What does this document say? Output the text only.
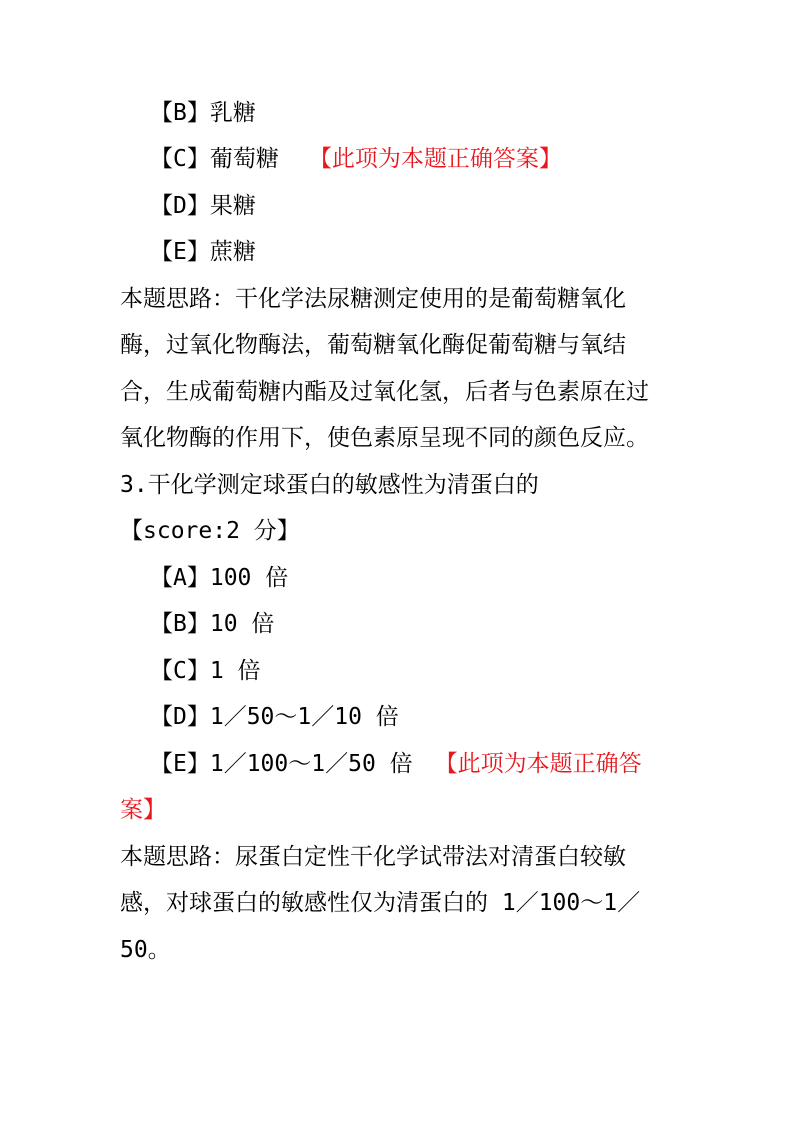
【B】乳糖
【C】葡萄糖 【此项为本题正确答案】
【D】果糖
【E】蔗糖
本题思路：干化学法尿糖测定使用的是葡萄糖氧化
酶，过氧化物酶法，葡萄糖氧化酶促葡萄糖与氧结
合，生成葡萄糖内酯及过氧化氢，后者与色素原在过
氧化物酶的作用下，使色素原呈现不同的颜色反应。
3.干化学测定球蛋白的敏感性为清蛋白的
【score:2 分】
【A】100 倍
【B】10 倍
【C】1 倍
【D】1／50～1／10 倍
【E】1／100～1／50 倍 【此项为本题正确答
案】
本题思路：尿蛋白定性干化学试带法对清蛋白较敏
感，对球蛋白的敏感性仅为清蛋白的 1／100～1／
50。
